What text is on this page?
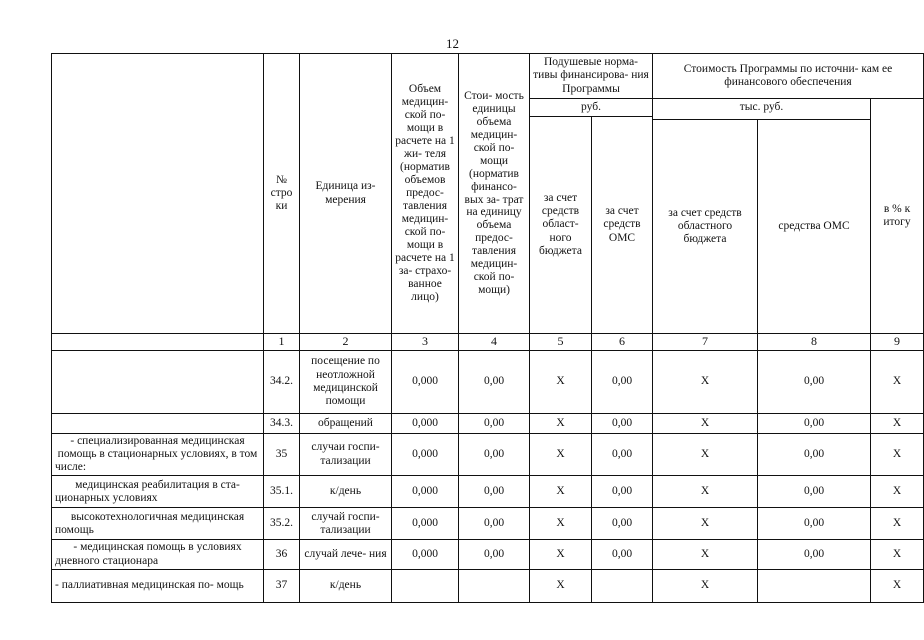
12
	№ стро ки	Единица из- мерения	Объем медицин- ской по- мощи в расчете на 1 жи- теля (норматив объемов предос- тавления медицин- ской по- мощи в расчете на 1 за- страхо- ванное лицо)	Стои- мость единицы объема медицин- ской по- мощи (норматив финансо- вых за- трат на единицу объема предос- тавления медицин- ской по- мощи)	Подушевые норма- тивы финансирова- ния Программы		Стоимость Программы по источни- кам ее финансового обеспечения		
					руб.		тыс. руб.		в % к итогу
					за счет средств област- ного бюджета	за счет средств ОМС			
							за счет средств областного бюджета	средства ОМС	
	1	2	3	4	5	6	7	8	9
	34.2.	посещение по неотложной медицинской помощи	0,000	0,00	X	0,00	X	0,00	X
	34.3.	обращений	0,000	0,00	X	0,00	X	0,00	X
- специализированная медицинская помощь в стационарных условиях, в том числе:	35	случаи госпи- тализации	0,000	0,00	X	0,00	X	0,00	X
медицинская реабилитация в ста- ционарных условиях	35.1.	к/день	0,000	0,00	X	0,00	X	0,00	X
высокотехнологичная медицинская помощь	35.2.	случай госпи- тализации	0,000	0,00	X	0,00	X	0,00	X
- медицинская помощь в условиях дневного стационара	36	случай лече- ния	0,000	0,00	X	0,00	X	0,00	X
- паллиативная медицинская по- мощь	37	к/день			X		X		X
